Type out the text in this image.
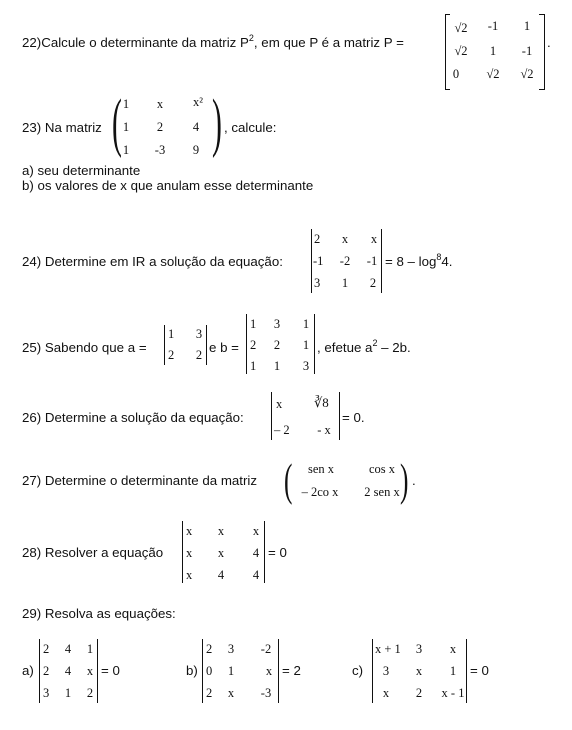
22)Calcule o determinante da matriz $P^2$, em que P é a matriz P =
√2	-1	1
√2	1	-1
0	√2	√2
.
23) Na matriz ( )
1	x	x²
1	2	4
1	-3	9
, calcule:
a) seu determinante
b) os valores de x que anulam esse determinante
24) Determine em IR a solução da equação:
2	x	x
-1	-2	-1
3	1	2
= $8 - \log^84$.
25) Sabendo que a =
1 3
2 2 e b =
1	3	1
2	2	1
1	1	3
, efetue $a^2 - 2b$.
26) Determine a solução da equação:
x ∛8
– 2	- x
= 0.
27) Determine o determinante da matriz ( )
sen x	cos x
– 2co x	2 sen x
.
28) Resolver a equação
x	x	x
x	x	4
x	4	4
= 0
29) Resolva as equações:
a)
2 4 1
2 4 x
3 1 2
= 0	b)
2	3	-2
0	1	x
2	x	-3
= 2	c)
x + 1	3	x
3	x	1
x	2	x - 1
= 0
